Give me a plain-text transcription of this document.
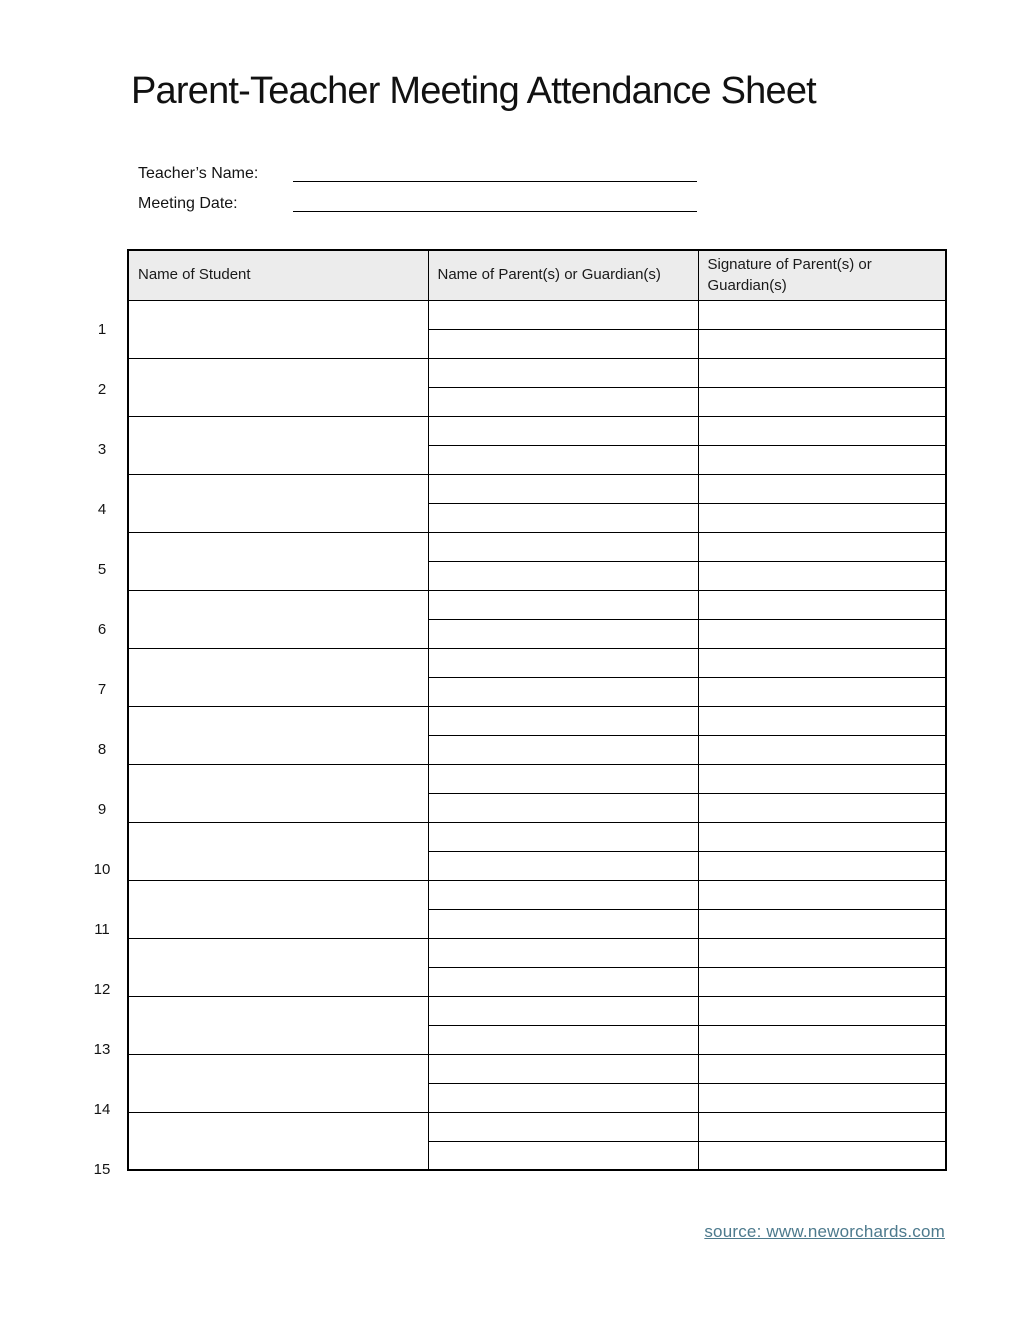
Parent-Teacher Meeting Attendance Sheet
Teacher’s Name:
Meeting Date:
1
2
3
4
5
6
7
8
9
10
11
12
13
14
15
Name of Student	Name of Parent(s) or Guardian(s)	Signature of Parent(s) or Guardian(s)

source: www.neworchards.com
